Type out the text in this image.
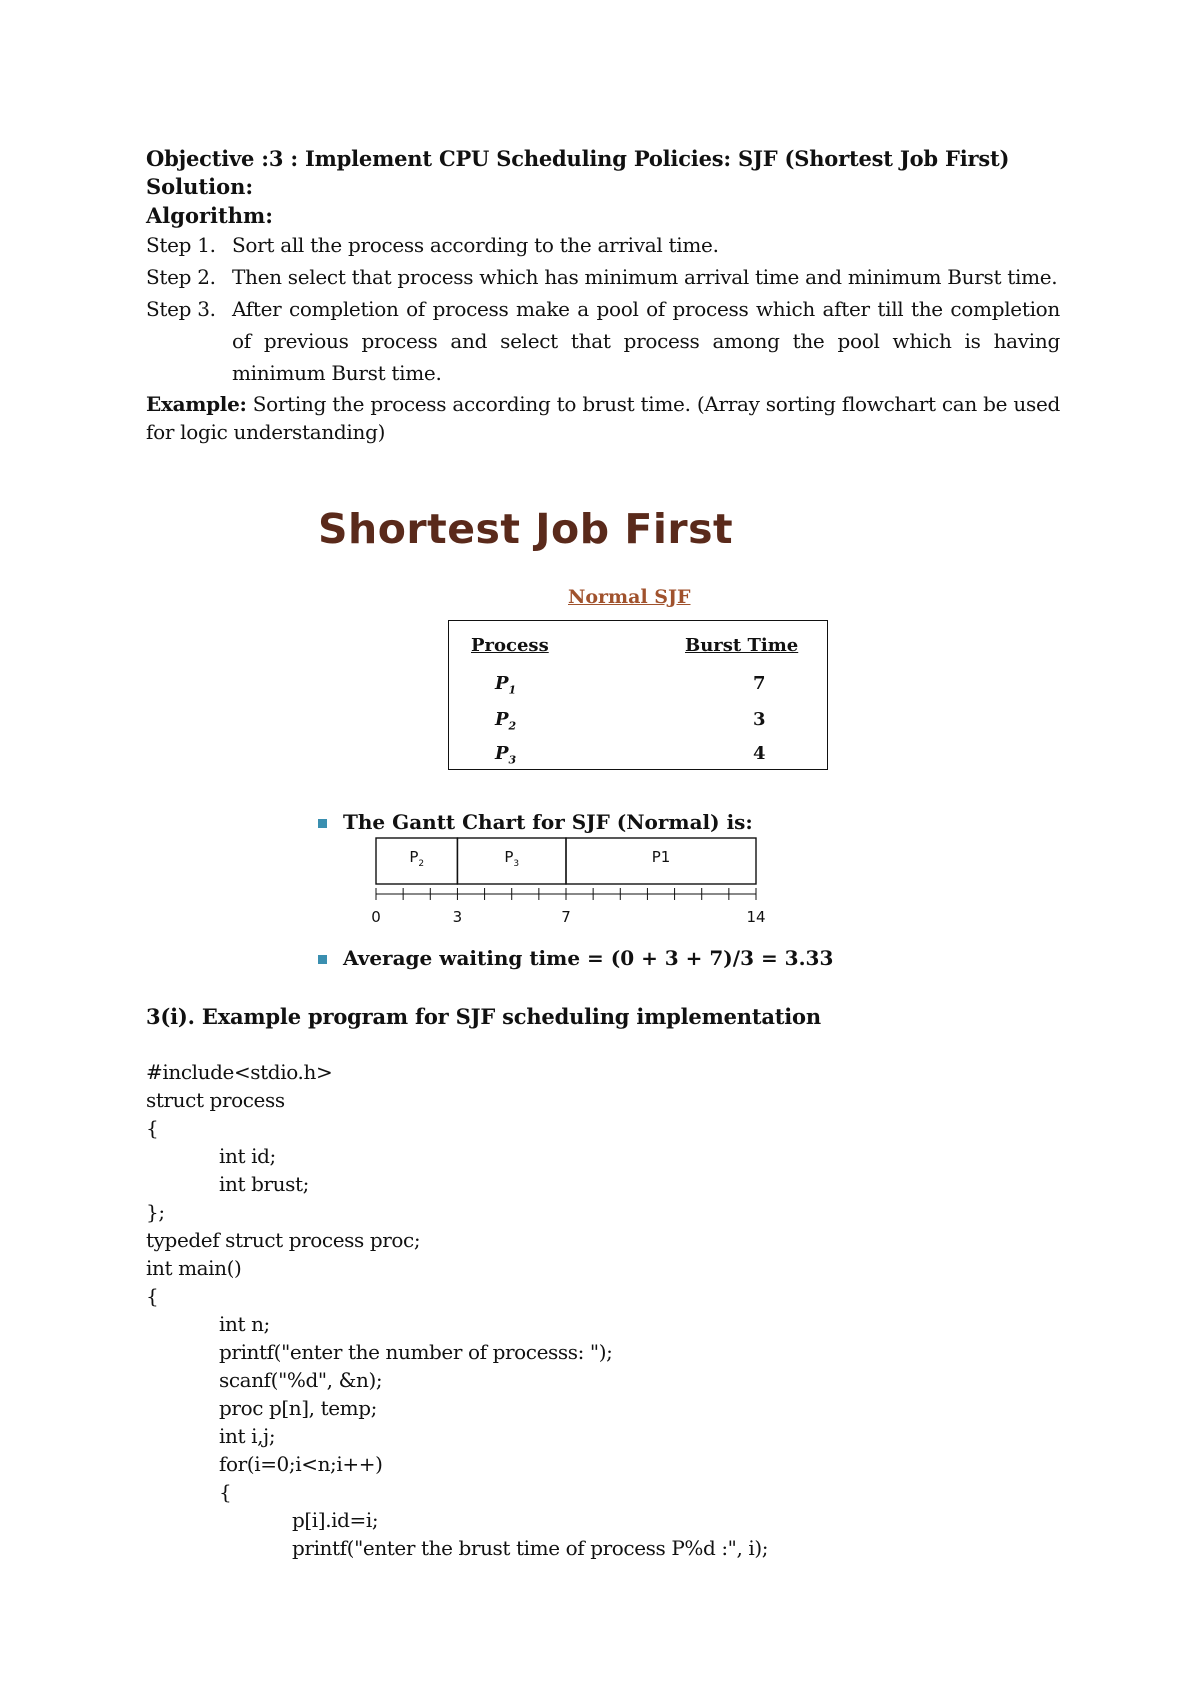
Objective :3 : Implement CPU Scheduling Policies: SJF (Shortest Job First)
Solution:
Algorithm:
Step 1. Sort all the process according to the arrival time.
Step 2. Then select that process which has minimum arrival time and minimum Burst time.
Step 3. After completion of process make a pool of process which after till the completion of previous process and select that process among the pool which is having minimum Burst time.
Example: Sorting the process according to brust time. (Array sorting flowchart can be used for logic understanding)
Shortest Job First
Normal SJF
Process	Burst Time
$P_1$	7
$P_2$	3
$P_3$	4
The Gantt Chart for SJF (Normal) is:
$P_2$	$P_3$	P1
0	3	7	14
Average waiting time = (0 + 3 + 7)/3 = 3.33
3(i). Example program for SJF scheduling implementation
#include<stdio.h>
struct process
{
int id;
int brust;
};
typedef struct process proc;
int main()
{
int n;
printf("enter the number of processs: ");
scanf("%d", &n);
proc p[n], temp;
int i,j;
for(i=0;i<n;i++)
{
p[i].id=i;
printf("enter the brust time of process P%d :", i);
